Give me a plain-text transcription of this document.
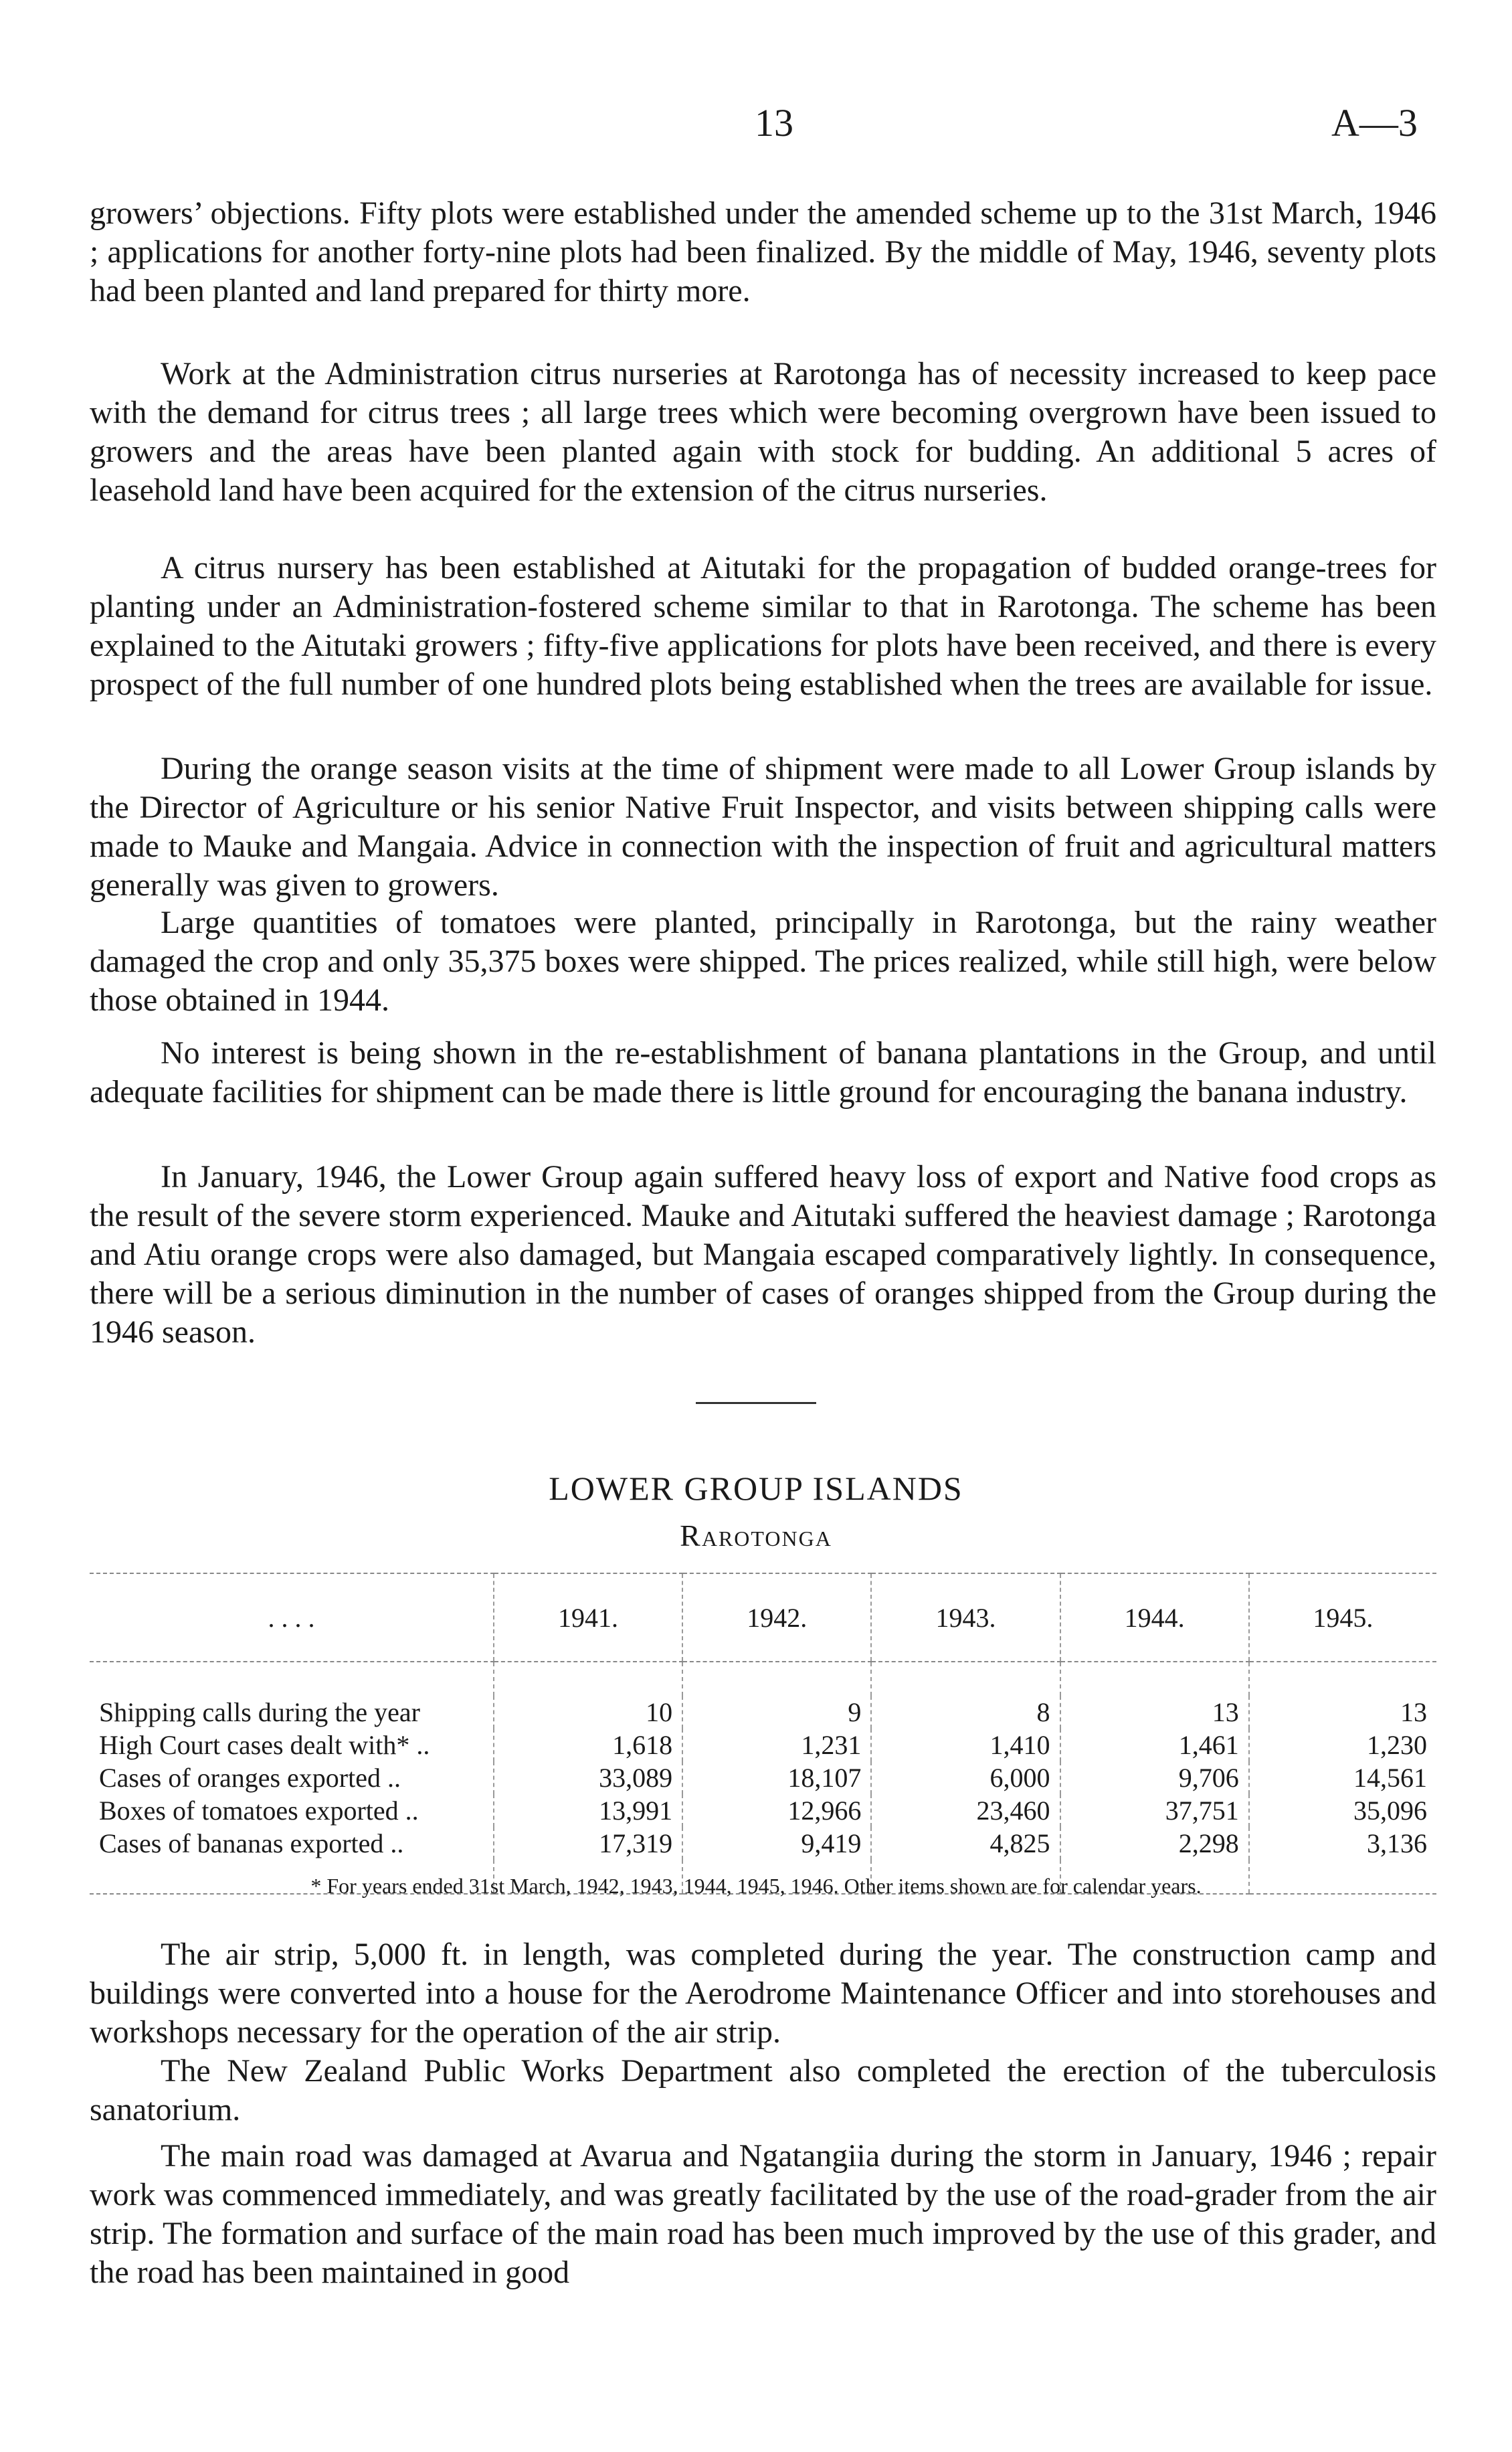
13	A—3

growers’ objections. Fifty plots were established under the amended scheme up to the 31st March, 1946 ; applications for another forty-nine plots had been finalized. By the middle of May, 1946, seventy plots had been planted and land prepared for thirty more.

Work at the Administration citrus nurseries at Rarotonga has of necessity increased to keep pace with the demand for citrus trees ; all large trees which were becoming overgrown have been issued to growers and the areas have been planted again with stock for budding. An additional 5 acres of leasehold land have been acquired for the extension of the citrus nurseries.

A citrus nursery has been established at Aitutaki for the propagation of budded orange-trees for planting under an Administration-fostered scheme similar to that in Rarotonga. The scheme has been explained to the Aitutaki growers ; fifty-five applications for plots have been received, and there is every prospect of the full number of one hundred plots being established when the trees are available for issue.

During the orange season visits at the time of shipment were made to all Lower Group islands by the Director of Agriculture or his senior Native Fruit Inspector, and visits between shipping calls were made to Mauke and Mangaia. Advice in connection with the inspection of fruit and agricultural matters generally was given to growers.

Large quantities of tomatoes were planted, principally in Rarotonga, but the rainy weather damaged the crop and only 35,375 boxes were shipped. The prices realized, while still high, were below those obtained in 1944.

No interest is being shown in the re-establishment of banana plantations in the Group, and until adequate facilities for shipment can be made there is little ground for encouraging the banana industry.

In January, 1946, the Lower Group again suffered heavy loss of export and Native food crops as the result of the severe storm experienced. Mauke and Aitutaki suffered the heaviest damage ; Rarotonga and Atiu orange crops were also damaged, but Mangaia escaped comparatively lightly. In consequence, there will be a serious diminution in the number of cases of oranges shipped from the Group during the 1946 season.

LOWER GROUP ISLANDS
Rarotonga
. . . .	1941.	1942.	1943.	1944.	1945.

Shipping calls during the year	10	9	8	13	13
High Court cases dealt with* ..	1,618	1,231	1,410	1,461	1,230
Cases of oranges exported ..	33,089	18,107	6,000	9,706	14,561
Boxes of tomatoes exported ..	13,991	12,966	23,460	37,751	35,096
Cases of bananas exported ..	17,319	9,419	4,825	2,298	3,136

* For years ended 31st March, 1942, 1943, 1944, 1945, 1946. Other items shown are for calendar years.

The air strip, 5,000 ft. in length, was completed during the year. The construction camp and buildings were converted into a house for the Aerodrome Maintenance Officer and into storehouses and workshops necessary for the operation of the air strip.

The New Zealand Public Works Department also completed the erection of the tuberculosis sanatorium.

The main road was damaged at Avarua and Ngatangiia during the storm in January, 1946 ; repair work was commenced immediately, and was greatly facilitated by the use of the road-grader from the air strip. The formation and surface of the main road has been much improved by the use of this grader, and the road has been maintained in good
